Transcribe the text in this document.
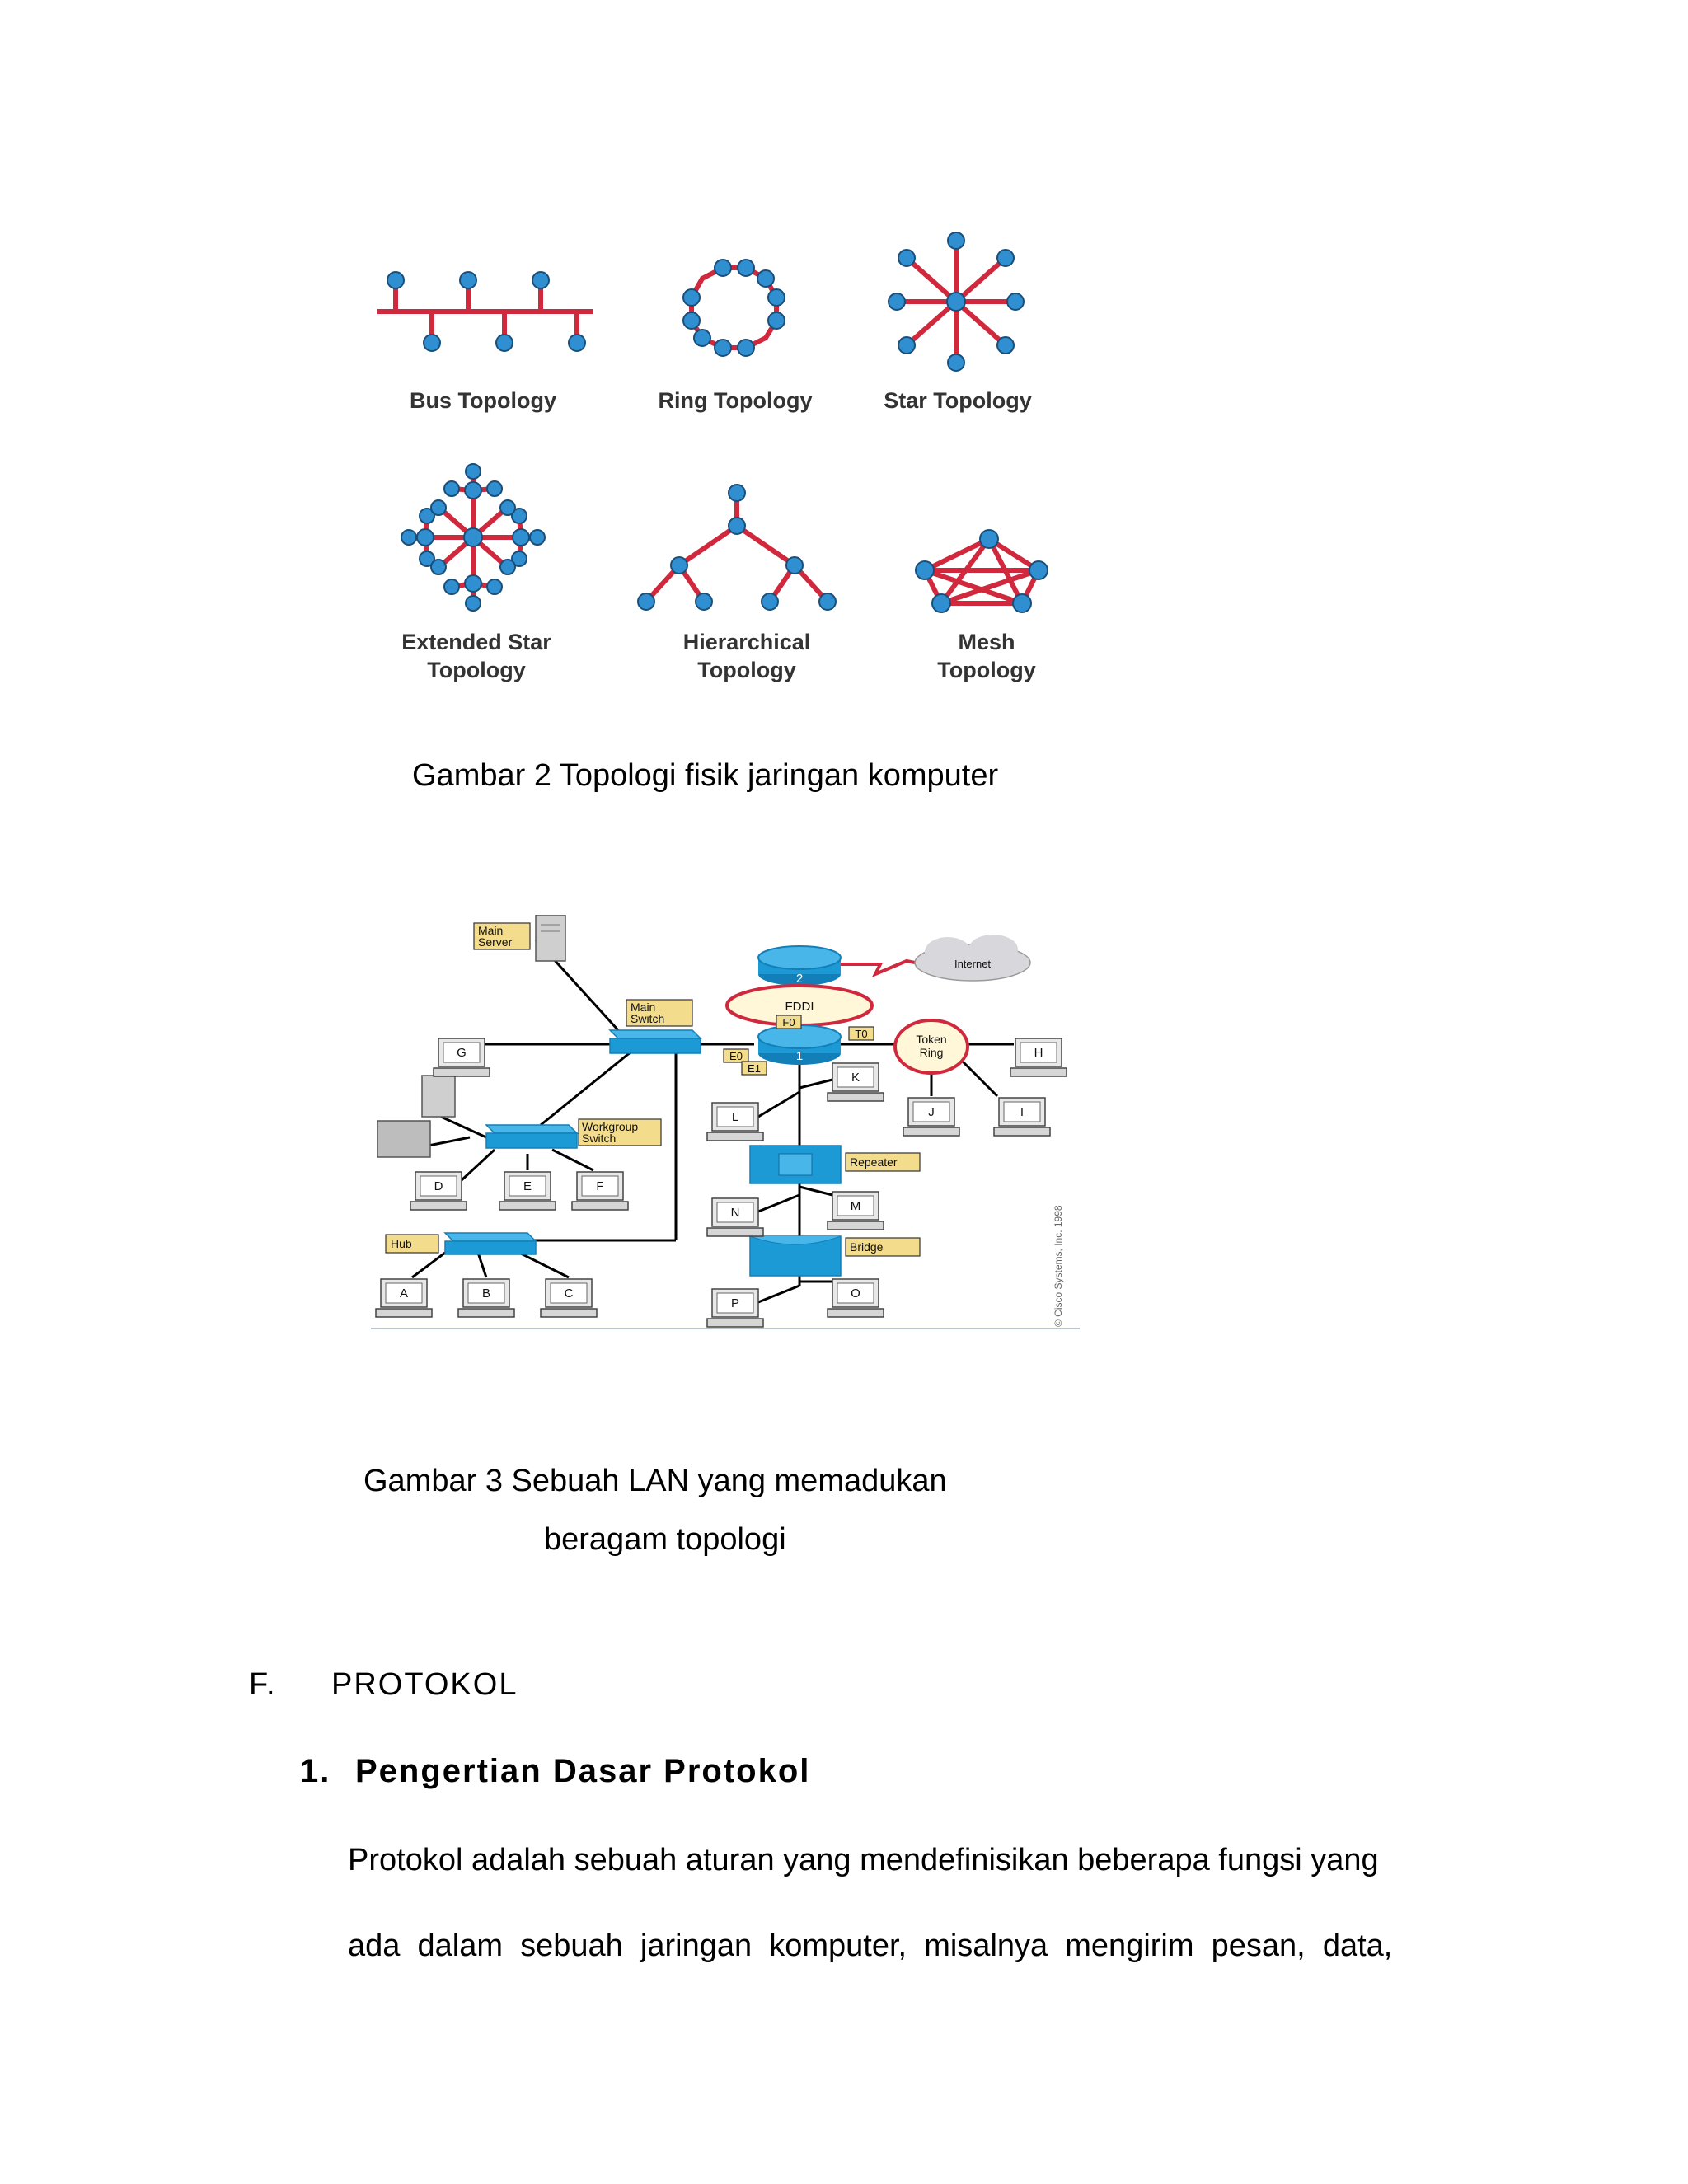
Bus Topology	Ring Topology	Star Topology
Extended Star
Topology
Hierarchical
Topology
Mesh
Topology
Gambar 2 Topologi fisik jaringan komputer
Internet
2
FDDI
1
F0
T0
E0
E1
Main
Server
Main
Switch
Workgroup
Switch
Hub
Repeater
Bridge
Token
Ring
G	H
J	I
K
L
D	E	F
M
N
O
P
A	B	C	© Cisco Systems, Inc. 1998
Gambar 3 Sebuah LAN yang memadukan
beragam topologi
F. PROTOKOL
1. Pengertian Dasar Protokol
Protokol adalah sebuah aturan yang mendefinisikan beberapa fungsi yang
ada  dalam  sebuah  jaringan  komputer,  misalnya  mengirim  pesan,  data,
